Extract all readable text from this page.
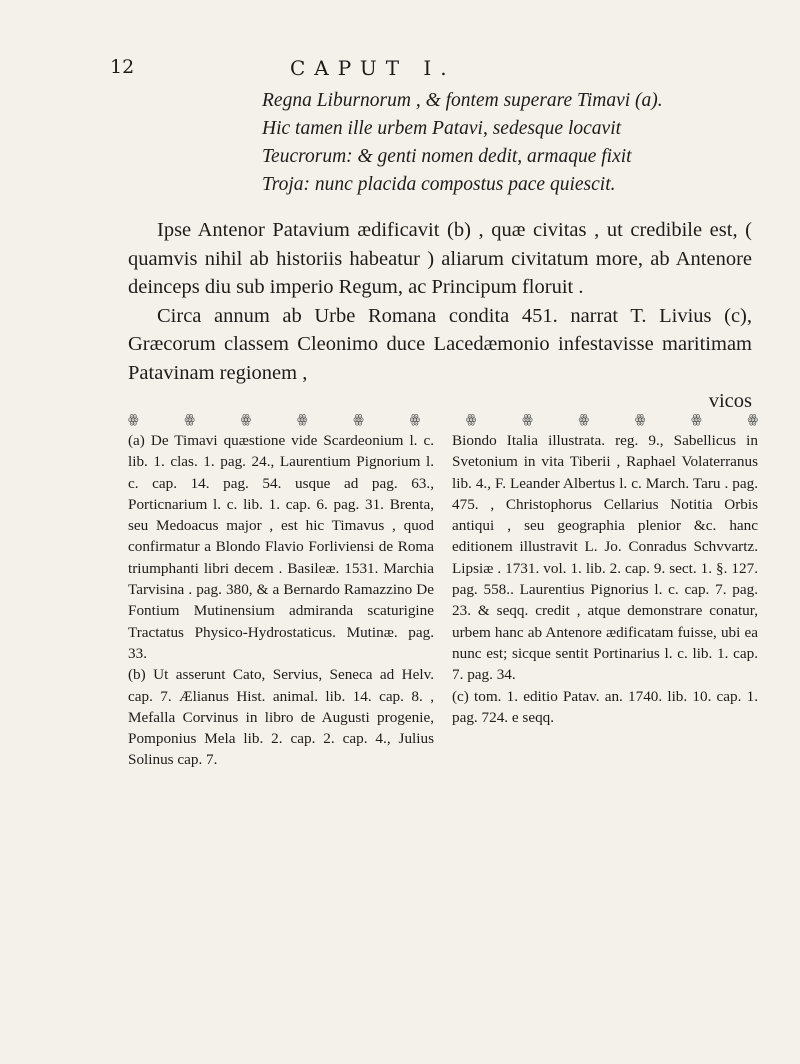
12	CAPUT I.
Regna Liburnorum , & fontem superare Timavi (a).
Hic tamen ille urbem Patavi, sedesque locavit
Teucrorum: & genti nomen dedit, armaque fixit
Troja: nunc placida compostus pace quiescit.

Ipse Antenor Patavium ædificavit (b) , quæ civitas , ut credibile est, ( quamvis nihil ab historiis habeatur ) aliarum civitatum more, ab Antenore deinceps diu sub imperio Regum, ac Principum floruit .

Circa annum ab Urbe Romana condita 451. narrat T. Livius (c), Græcorum classem Cleonimo duce Lacedæmonio infestavisse maritimam Patavinam regionem ,

vicos

ꙮ	ꙮ	ꙮ	ꙮ	ꙮ	ꙮ	ꙮ	ꙮ	ꙮ	ꙮ	ꙮ	ꙮ

(a) De Timavi quæstione vide Scardeonium l. c. lib. 1. clas. 1. pag. 24., Laurentium Pignorium l. c. cap. 14. pag. 54. usque ad pag. 63., Porticnarium l. c. lib. 1. cap. 6. pag. 31. Brenta, seu Medoacus major , est hic Timavus , quod confirmatur a Blondo Flavio Forliviensi de Roma triumphanti libri decem . Basileæ. 1531. Marchia Tarvisina . pag. 380, & a Bernardo Ramazzino De Fontium Mutinensium admiranda scaturigine Tractatus Physico-Hydrostaticus. Mutinæ. pag. 33.

(b) Ut asserunt Cato, Servius, Seneca ad Helv. cap. 7. Ælianus Hist. animal. lib. 14. cap. 8. , Mefalla Corvinus in libro de Augusti progenie, Pomponius Mela lib. 2. cap. 2. cap. 4., Julius Solinus cap. 7.

Biondo Italia illustrata. reg. 9., Sabellicus in Svetonium in vita Tiberii , Raphael Volaterranus lib. 4., F. Leander Albertus l. c. March. Taru . pag. 475. , Christophorus Cellarius Notitia Orbis antiqui , seu geographia plenior &c. hanc editionem illustravit L. Jo. Conradus Schvvartz. Lipsiæ . 1731. vol. 1. lib. 2. cap. 9. sect. 1. §. 127. pag. 558.. Laurentius Pignorius l. c. cap. 7. pag. 23. & seqq. credit , atque demonstrare conatur, urbem hanc ab Antenore ædificatam fuisse, ubi ea nunc est; sicque sentit Portinarius l. c. lib. 1. cap. 7. pag. 34.

(c) tom. 1. editio Patav. an. 1740. lib. 10. cap. 1. pag. 724. e seqq.
